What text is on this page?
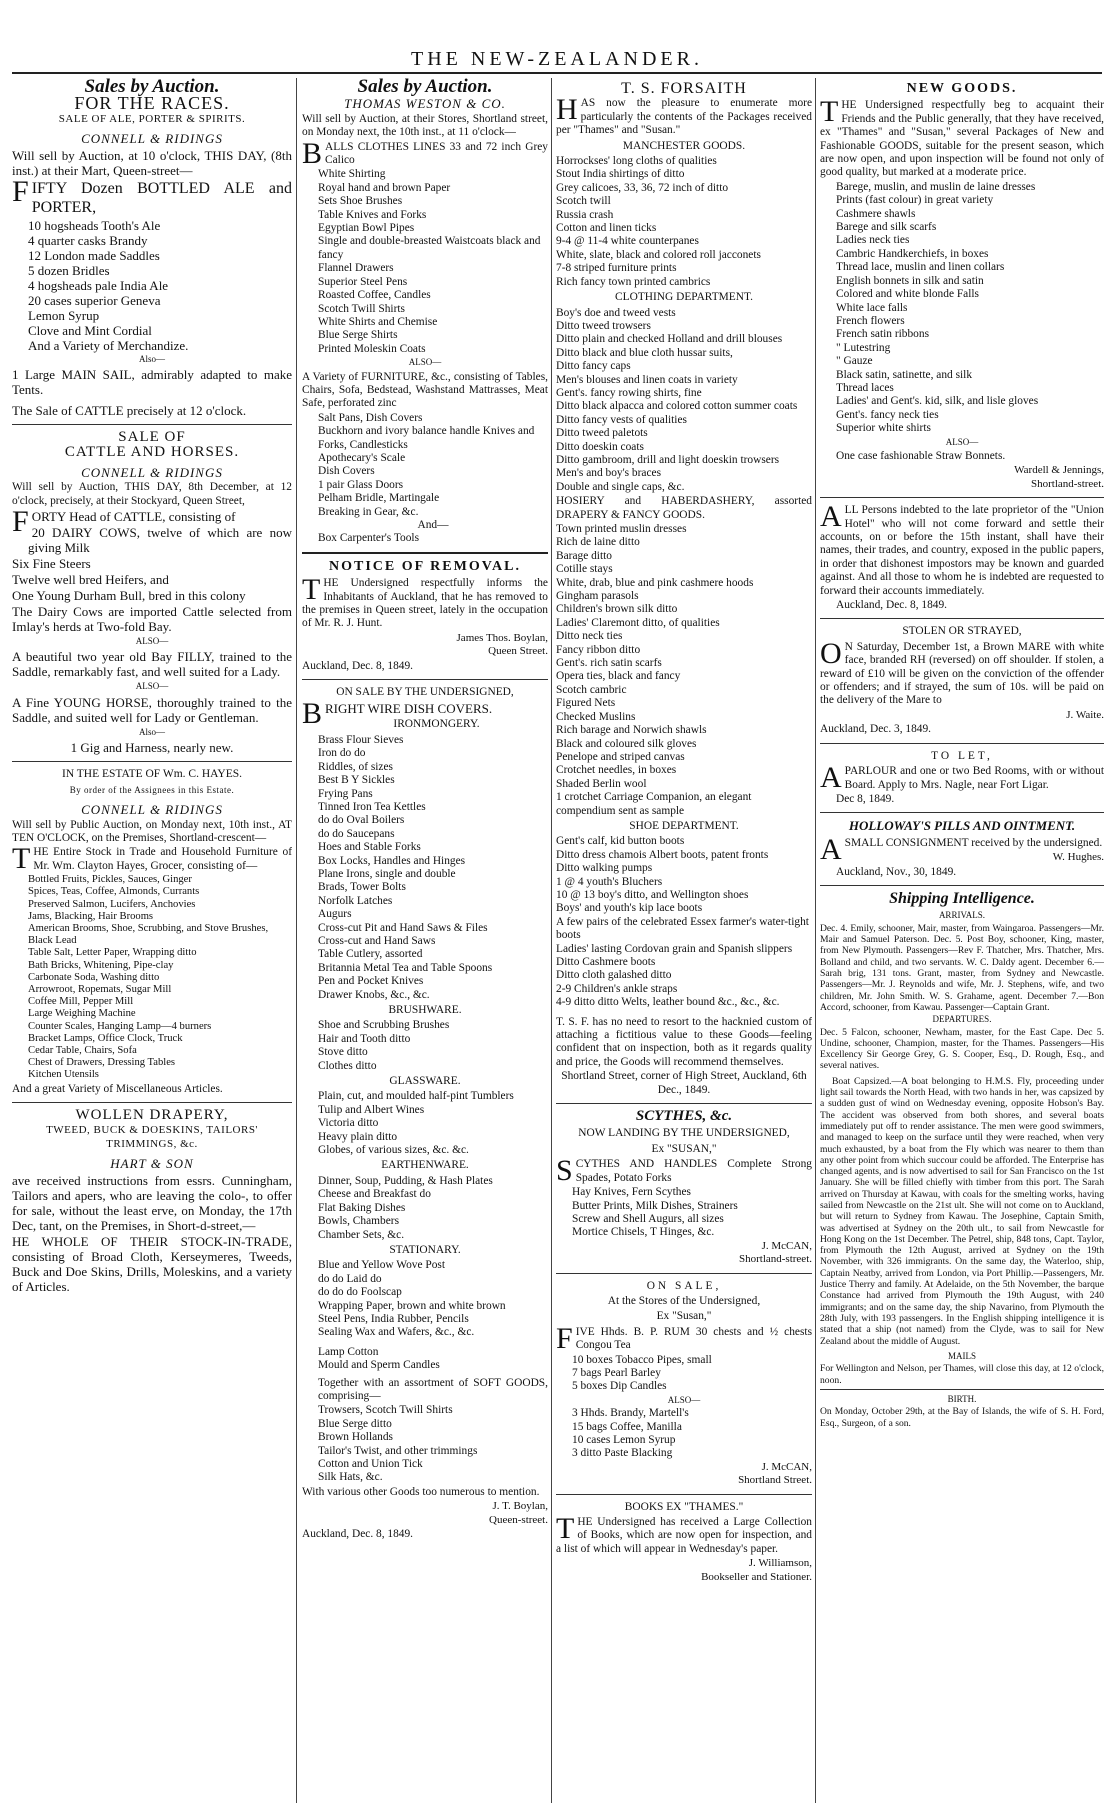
THE NEW-ZEALANDER.
Sales by Auction.
FOR THE RACES.
SALE OF ALE, PORTER & SPIRITS.
CONNELL & RIDINGS
Will sell by Auction, at 10 o'clock, THIS DAY, (8th inst.) at their Mart, Queen-street—
FIFTY Dozen BOTTLED ALE and PORTER,
10 hogsheads Tooth's Ale
4 quarter casks Brandy
12 London made Saddles
5 dozen Bridles
4 hogsheads pale India Ale
20 cases superior Geneva
Lemon Syrup
Clove and Mint Cordial
And a Variety of Merchandize.
Also—
1 Large MAIN SAIL, admirably adapted to make Tents.
The Sale of CATTLE precisely at 12 o'clock.
SALE OF
CATTLE AND HORSES.
CONNELL & RIDINGS
Will sell by Auction, THIS DAY, 8th December, at 12 o'clock, precisely, at their Stockyard, Queen Street,
FORTY Head of CATTLE, consisting of
20 DAIRY COWS, twelve of which are now giving Milk
Six Fine Steers
Twelve well bred Heifers, and
One Young Durham Bull, bred in this colony
The Dairy Cows are imported Cattle selected from Imlay's herds at Two-fold Bay.
ALSO—
A beautiful two year old Bay FILLY, trained to the Saddle, remarkably fast, and well suited for a Lady.
ALSO—
A Fine YOUNG HORSE, thoroughly trained to the Saddle, and suited well for Lady or Gentleman.
Also—
1 Gig and Harness, nearly new.
IN THE ESTATE OF Wm. C. HAYES.
By order of the Assignees in this Estate.
CONNELL & RIDINGS
Will sell by Public Auction, on Monday next, 10th inst., AT TEN O'CLOCK, on the Premises, Shortland-crescent—
THE Entire Stock in Trade and Household Furniture of Mr. Wm. Clayton Hayes, Grocer, consisting of—
Bottled Fruits, Pickles, Sauces, Ginger
Spices, Teas, Coffee, Almonds, Currants
Preserved Salmon, Lucifers, Anchovies
Jams, Blacking, Hair Brooms
American Brooms, Shoe, Scrubbing, and Stove Brushes, Black Lead
Table Salt, Letter Paper, Wrapping ditto
Bath Bricks, Whitening, Pipe-clay
Carbonate Soda, Washing ditto
Arrowroot, Ropemats, Sugar Mill
Coffee Mill, Pepper Mill
Large Weighing Machine
Counter Scales, Hanging Lamp—4 burners
Bracket Lamps, Office Clock, Truck
Cedar Table, Chairs, Sofa
Chest of Drawers, Dressing Tables
Kitchen Utensils
And a great Variety of Miscellaneous Articles.
WOLLEN DRAPERY,
TWEED, BUCK & DOESKINS, TAILORS' TRIMMINGS, &c.
HART & SON
ave received instructions from essrs. Cunningham, Tailors and apers, who are leaving the colo-, to offer for sale, without the least erve, on Monday, the 17th Dec, tant, on the Premises, in Short-d-street,—
HE WHOLE OF THEIR STOCK-IN-TRADE, consisting of Broad Cloth, Kerseymeres, Tweeds, Buck and Doe Skins, Drills, Moleskins, and a variety of Articles.
Sales by Auction.
THOMAS WESTON & CO.
Will sell by Auction, at their Stores, Shortland street, on Monday next, the 10th inst., at 11 o'clock—
BALLS CLOTHES LINES 33 and 72 inch Grey Calico
White Shirting
Royal hand and brown Paper
Sets Shoe Brushes
Table Knives and Forks
Egyptian Bowl Pipes
Single and double-breasted Waistcoats black and fancy
Flannel Drawers
Superior Steel Pens
Roasted Coffee, Candles
Scotch Twill Shirts
White Shirts and Chemise
Blue Serge Shirts
Printed Moleskin Coats
ALSO—
A Variety of FURNITURE, &c., consisting of Tables, Chairs, Sofa, Bedstead, Washstand Mattrasses, Meat Safe, perforated zinc
Salt Pans, Dish Covers
Buckhorn and ivory balance handle Knives and Forks, Candlesticks
Apothecary's Scale
Dish Covers
1 pair Glass Doors
Pelham Bridle, Martingale
Breaking in Gear, &c.
And—
Box Carpenter's Tools
NOTICE OF REMOVAL.
THE Undersigned respectfully informs the Inhabitants of Auckland, that he has removed to the premises in Queen street, lately in the occupation of Mr. R. J. Hunt.
James Thos. Boylan,
Queen Street.
Auckland, Dec. 8, 1849.
ON SALE BY THE UNDERSIGNED,
BRIGHT WIRE DISH COVERS.
IRONMONGERY.
Brass Flour Sieves
Iron do do
Riddles, of sizes
Best B Y Sickles
Frying Pans
Tinned Iron Tea Kettles
do do Oval Boilers
do do Saucepans
Hoes and Stable Forks
Box Locks, Handles and Hinges
Plane Irons, single and double
Brads, Tower Bolts
Norfolk Latches
Augurs
Cross-cut Pit and Hand Saws & Files
Cross-cut and Hand Saws
Table Cutlery, assorted
Britannia Metal Tea and Table Spoons
Pen and Pocket Knives
Drawer Knobs, &c., &c.
BRUSHWARE.
Shoe and Scrubbing Brushes
Hair and Tooth ditto
Stove ditto
Clothes ditto
GLASSWARE.
Plain, cut, and moulded half-pint Tumblers
Tulip and Albert Wines
Victoria ditto
Heavy plain ditto
Globes, of various sizes, &c. &c.
EARTHENWARE.
Dinner, Soup, Pudding, & Hash Plates
Cheese and Breakfast do
Flat Baking Dishes
Bowls, Chambers
Chamber Sets, &c.
STATIONARY.
Blue and Yellow Wove Post
do do Laid do
do do do Foolscap
Wrapping Paper, brown and white brown
Steel Pens, India Rubber, Pencils
Sealing Wax and Wafers, &c., &c.
Lamp Cotton
Mould and Sperm Candles
Together with an assortment of SOFT GOODS, comprising—
Trowsers, Scotch Twill Shirts
Blue Serge ditto
Brown Hollands
Tailor's Twist, and other trimmings
Cotton and Union Tick
Silk Hats, &c.
With various other Goods too numerous to mention.
J. T. Boylan,
Queen-street.
Auckland, Dec. 8, 1849.
T. S. FORSAITH
HAS now the pleasure to enumerate more particularly the contents of the Packages received per "Thames" and "Susan."
MANCHESTER GOODS.
Horrockses' long cloths of qualities
Stout India shirtings of ditto
Grey calicoes, 33, 36, 72 inch of ditto
Scotch twill
Russia crash
Cotton and linen ticks
9-4 @ 11-4 white counterpanes
White, slate, black and colored roll jacconets
7-8 striped furniture prints
Rich fancy town printed cambrics
CLOTHING DEPARTMENT.
Boy's doe and tweed vests
Ditto tweed trowsers
Ditto plain and checked Holland and drill blouses
Ditto black and blue cloth hussar suits,
Ditto fancy caps
Men's blouses and linen coats in variety
Gent's. fancy rowing shirts, fine
Ditto black alpacca and colored cotton summer coats
Ditto fancy vests of qualities
Ditto tweed paletots
Ditto doeskin coats
Ditto gambroom, drill and light doeskin trowsers
Men's and boy's braces
Double and single caps, &c.
HOSIERY and HABERDASHERY, assorted DRAPERY & FANCY GOODS.
Town printed muslin dresses
Rich de laine ditto
Barage ditto
Cotille stays
White, drab, blue and pink cashmere hoods
Gingham parasols
Children's brown silk ditto
Ladies' Claremont ditto, of qualities
Ditto neck ties
Fancy ribbon ditto
Gent's. rich satin scarfs
Opera ties, black and fancy
Scotch cambric
Figured Nets
Checked Muslins
Rich barage and Norwich shawls
Black and coloured silk gloves
Penelope and striped canvas
Crotchet needles, in boxes
Shaded Berlin wool
1 crotchet Carriage Companion, an elegant compendium sent as sample
SHOE DEPARTMENT.
Gent's calf, kid button boots
Ditto dress chamois Albert boots, patent fronts
Ditto walking pumps
1 @ 4 youth's Bluchers
10 @ 13 boy's ditto, and Wellington shoes
Boys' and youth's kip lace boots
A few pairs of the celebrated Essex farmer's water-tight boots
Ladies' lasting Cordovan grain and Spanish slippers
Ditto Cashmere boots
Ditto cloth galashed ditto
2-9 Children's ankle straps
4-9 ditto ditto Welts, leather bound &c., &c., &c.
T. S. F. has no need to resort to the hacknied custom of attaching a fictitious value to these Goods—feeling confident that on inspection, both as it regards quality and price, the Goods will recommend themselves.
Shortland Street, corner of High Street, Auckland, 6th Dec., 1849.
SCYTHES, &c.
NOW LANDING BY THE UNDERSIGNED,
Ex "SUSAN,"
SCYTHES AND HANDLES Complete Strong Spades, Potato Forks
Hay Knives, Fern Scythes
Butter Prints, Milk Dishes, Strainers
Screw and Shell Augurs, all sizes
Mortice Chisels, T Hinges, &c.
J. McCAN,
Shortland-street.
ON SALE,
At the Stores of the Undersigned,
Ex "Susan,"
FIVE Hhds. B. P. RUM 30 chests and ½ chests Congou Tea
10 boxes Tobacco Pipes, small
7 bags Pearl Barley
5 boxes Dip Candles
ALSO—
3 Hhds. Brandy, Martell's
15 bags Coffee, Manilla
10 cases Lemon Syrup
3 ditto Paste Blacking
J. McCAN,
Shortland Street.
BOOKS EX "THAMES."
THE Undersigned has received a Large Collection of Books, which are now open for inspection, and a list of which will appear in Wednesday's paper.
J. Williamson,
Bookseller and Stationer.
NEW GOODS.
THE Undersigned respectfully beg to acquaint their Friends and the Public generally, that they have received, ex "Thames" and "Susan," several Packages of New and Fashionable GOODS, suitable for the present season, which are now open, and upon inspection will be found not only of good quality, but marked at a moderate price.
Barege, muslin, and muslin de laine dresses
Prints (fast colour) in great variety
Cashmere shawls
Barege and silk scarfs
Ladies neck ties
Cambric Handkerchiefs, in boxes
Thread lace, muslin and linen collars
English bonnets in silk and satin
Colored and white blonde Falls
White lace falls
French flowers
French satin ribbons
" Lutestring
" Gauze
Black satin, satinette, and silk
Thread laces
Ladies' and Gent's. kid, silk, and lisle gloves
Gent's. fancy neck ties
Superior white shirts
ALSO—
One case fashionable Straw Bonnets.
Wardell & Jennings,
Shortland-street.
ALL Persons indebted to the late proprietor of the "Union Hotel" who will not come forward and settle their accounts, on or before the 15th instant, shall have their names, their trades, and country, exposed in the public papers, in order that dishonest impostors may be known and guarded against. And all those to whom he is indebted are requested to forward their accounts immediately.
Auckland, Dec. 8, 1849.
STOLEN OR STRAYED,
ON Saturday, December 1st, a Brown MARE with white face, branded RH (reversed) on off shoulder. If stolen, a reward of £10 will be given on the conviction of the offender or offenders; and if strayed, the sum of 10s. will be paid on the delivery of the Mare to
J. Waite.
Auckland, Dec. 3, 1849.
TO LET,
APARLOUR and one or two Bed Rooms, with or without Board. Apply to Mrs. Nagle, near Fort Ligar.
Dec 8, 1849.
HOLLOWAY'S PILLS AND OINTMENT.
ASMALL CONSIGNMENT received by the undersigned.
W. Hughes.
Auckland, Nov., 30, 1849.
Shipping Intelligence.
ARRIVALS.
Dec. 4. Emily, schooner, Mair, master, from Waingaroa. Passengers—Mr. Mair and Samuel Paterson. Dec. 5. Post Boy, schooner, King, master, from New Plymouth. Passengers—Rev F. Thatcher, Mrs. Thatcher, Mrs. Bolland and child, and two servants. W. C. Daldy agent. December 6.—Sarah brig, 131 tons. Grant, master, from Sydney and Newcastle. Passengers—Mr. J. Reynolds and wife, Mr. J. Stephens, wife, and two children, Mr. John Smith. W. S. Grahame, agent. December 7.—Bon Accord, schooner, from Kawau. Passenger—Captain Grant.
DEPARTURES.
Dec. 5 Falcon, schooner, Newham, master, for the East Cape. Dec 5. Undine, schooner, Champion, master, for the Thames. Passengers—His Excellency Sir George Grey, G. S. Cooper, Esq., D. Rough, Esq., and several natives.
Boat Capsized.—A boat belonging to H.M.S. Fly, proceeding under light sail towards the North Head, with two hands in her, was capsized by a sudden gust of wind on Wednesday evening, opposite Hobson's Bay. The accident was observed from both shores, and several boats immediately put off to render assistance. The men were good swimmers, and managed to keep on the surface until they were reached, when very much exhausted, by a boat from the Fly which was nearer to them than any other point from which succour could be afforded. The Enterprise has changed agents, and is now advertised to sail for San Francisco on the 1st January. She will be filled chiefly with timber from this port. The Sarah arrived on Thursday at Kawau, with coals for the smelting works, having sailed from Newcastle on the 21st ult. She will not come on to Auckland, but will return to Sydney from Kawau. The Josephine, Captain Smith, was advertised at Sydney on the 20th ult., to sail from Newcastle for Hong Kong on the 1st December. The Petrel, ship, 848 tons, Capt. Taylor, from Plymouth the 12th August, arrived at Sydney on the 19th November, with 326 immigrants. On the same day, the Waterloo, ship, Captain Neatby, arrived from London, via Port Phillip.—Passengers, Mr. Justice Therry and family. At Adelaide, on the 5th November, the barque Constance had arrived from Plymouth the 19th August, with 240 immigrants; and on the same day, the ship Navarino, from Plymouth the 28th July, with 193 passengers. In the English shipping intelligence it is stated that a ship (not named) from the Clyde, was to sail for New Zealand about the middle of August.
MAILS
For Wellington and Nelson, per Thames, will close this day, at 12 o'clock, noon.
BIRTH.
On Monday, October 29th, at the Bay of Islands, the wife of S. H. Ford, Esq., Surgeon, of a son.
